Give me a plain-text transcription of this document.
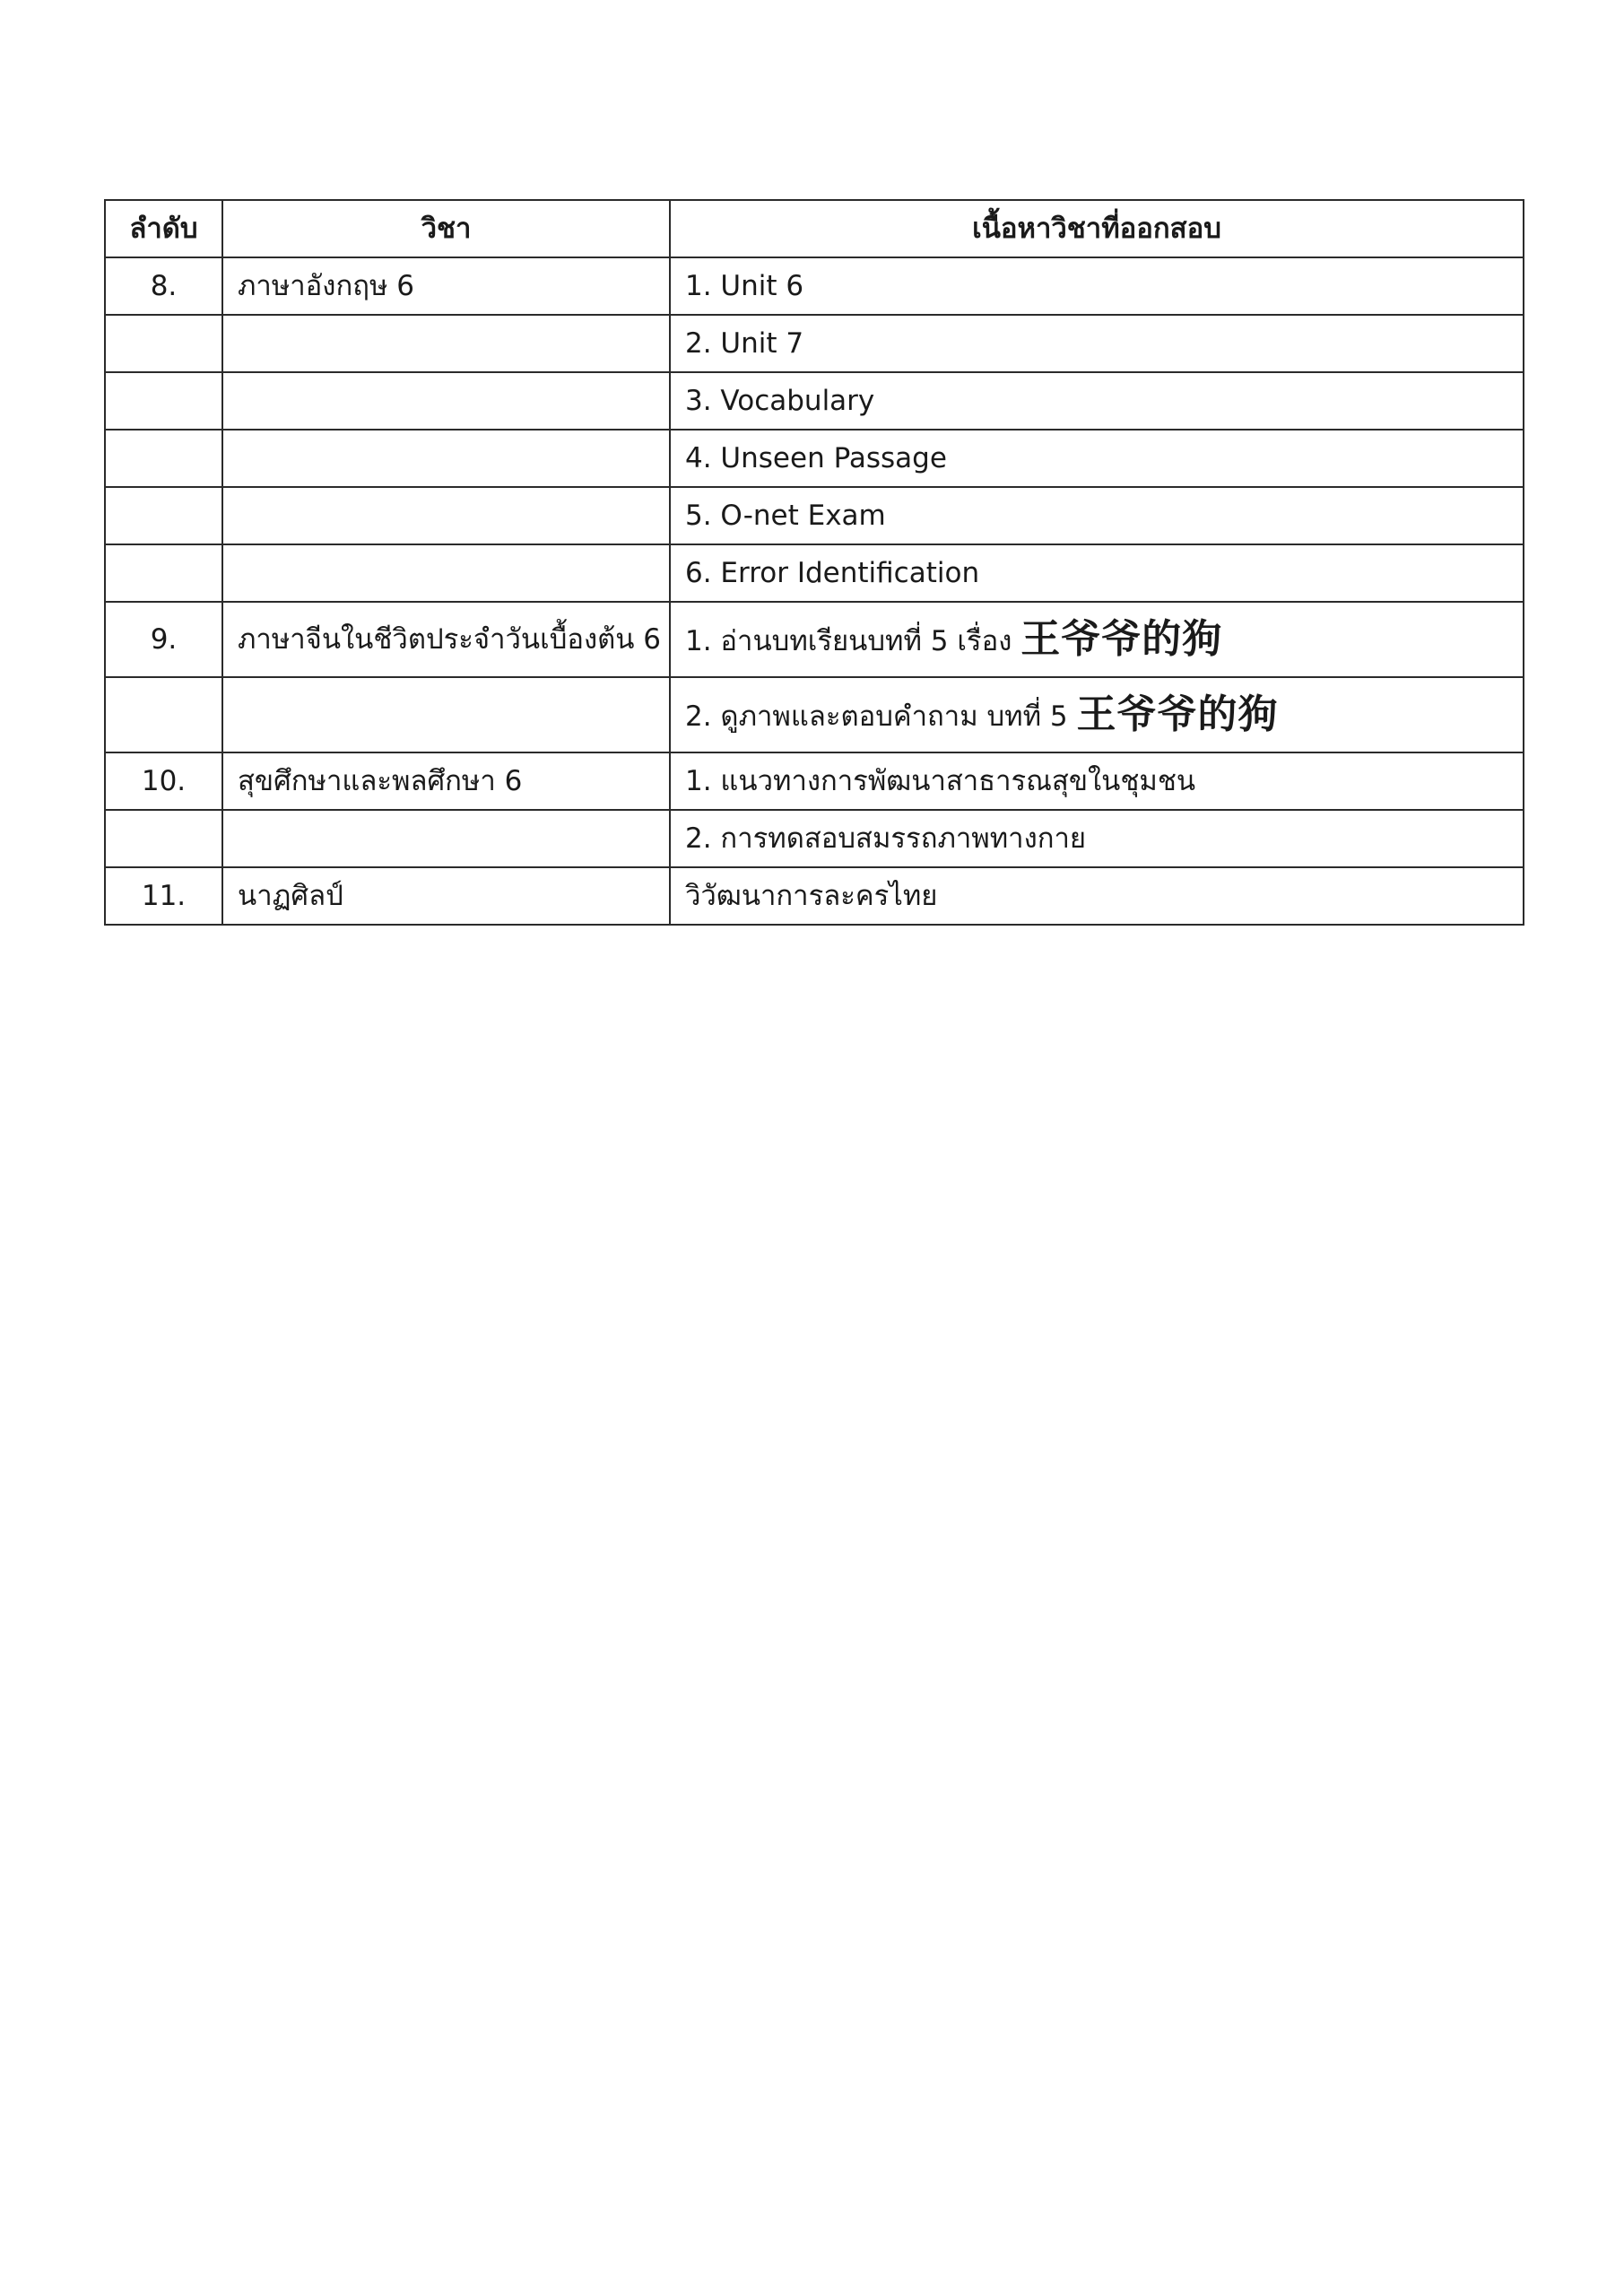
ลำดับ	วิชา	เนื้อหาวิชาที่ออกสอบ
8.	ภาษาอังกฤษ 6	1. Unit 6
		2. Unit 7
		3. Vocabulary
		4. Unseen Passage
		5. O-net Exam
		6. Error Identification
9.	ภาษาจีนในชีวิตประจำวันเบื้องต้น 6	1. อ่านบทเรียนบทที่ 5 เรื่อง 王爷爷的狗
		2. ดูภาพและตอบคำถาม บทที่ 5 王爷爷的狗
10.	สุขศึกษาและพลศึกษา 6	1. แนวทางการพัฒนาสาธารณสุขในชุมชน
		2. การทดสอบสมรรถภาพทางกาย
11.	นาฏศิลป์	วิวัฒนาการละครไทย
